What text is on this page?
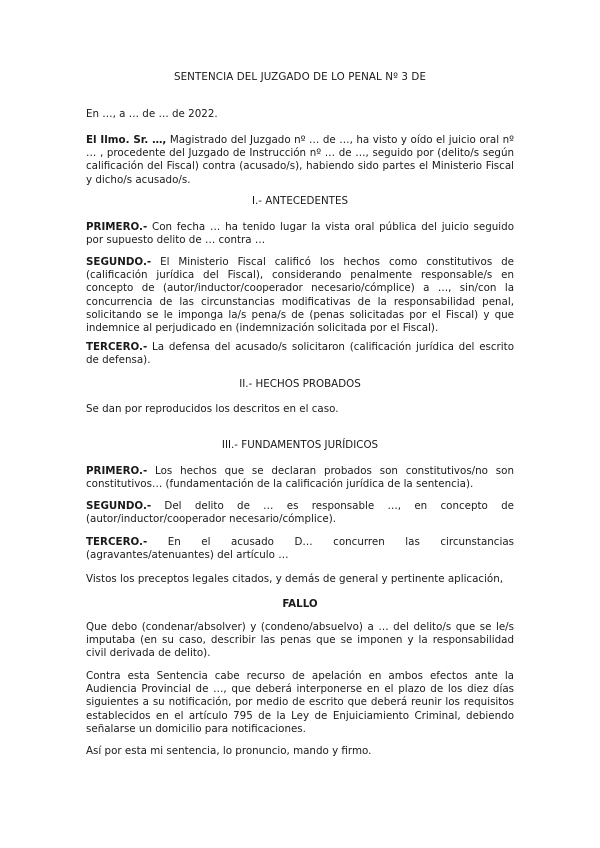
SENTENCIA DEL JUZGADO DE LO PENAL Nº 3 DE
En …, a … de … de 2022.
El Ilmo. Sr. …, Magistrado del Juzgado nº … de …, ha visto y oído el juicio oral nº … , procedente del Juzgado de Instrucción nº … de …, seguido por (delito/s según calificación del Fiscal) contra (acusado/s), habiendo sido partes el Ministerio Fiscal y dicho/s acusado/s.
I.- ANTECEDENTES
PRIMERO.- Con fecha … ha tenido lugar la vista oral pública del juicio seguido por supuesto delito de … contra …
SEGUNDO.- El Ministerio Fiscal calificó los hechos como constitutivos de (calificación jurídica del Fiscal), considerando penalmente responsable/s en concepto de (autor/inductor/cooperador necesario/cómplice) a …, sin/con la concurrencia de las circunstancias modificativas de la responsabilidad penal, solicitando se le imponga la/s pena/s de (penas solicitadas por el Fiscal) y que indemnice al perjudicado en (indemnización solicitada por el Fiscal).
TERCERO.- La defensa del acusado/s solicitaron (calificación jurídica del escrito de defensa).
II.- HECHOS PROBADOS
Se dan por reproducidos los descritos en el caso.
III.- FUNDAMENTOS JURÍDICOS
PRIMERO.- Los hechos que se declaran probados son constitutivos/no son constitutivos… (fundamentación de la calificación jurídica de la sentencia).
SEGUNDO.- Del delito de … es responsable …, en concepto de (autor/inductor/cooperador necesario/cómplice).
TERCERO.- En el acusado D… concurren las circunstancias (agravantes/atenuantes) del artículo …
Vistos los preceptos legales citados, y demás de general y pertinente aplicación,
FALLO
Que debo (condenar/absolver) y (condeno/absuelvo) a … del delito/s que se le/s imputaba (en su caso, describir las penas que se imponen y la responsabilidad civil derivada de delito).
Contra esta Sentencia cabe recurso de apelación en ambos efectos ante la Audiencia Provincial de …, que deberá interponerse en el plazo de los diez días siguientes a su notificación, por medio de escrito que deberá reunir los requisitos establecidos en el artículo 795 de la Ley de Enjuiciamiento Criminal, debiendo señalarse un domicilio para notificaciones.
Así por esta mi sentencia, lo pronuncio, mando y firmo.
